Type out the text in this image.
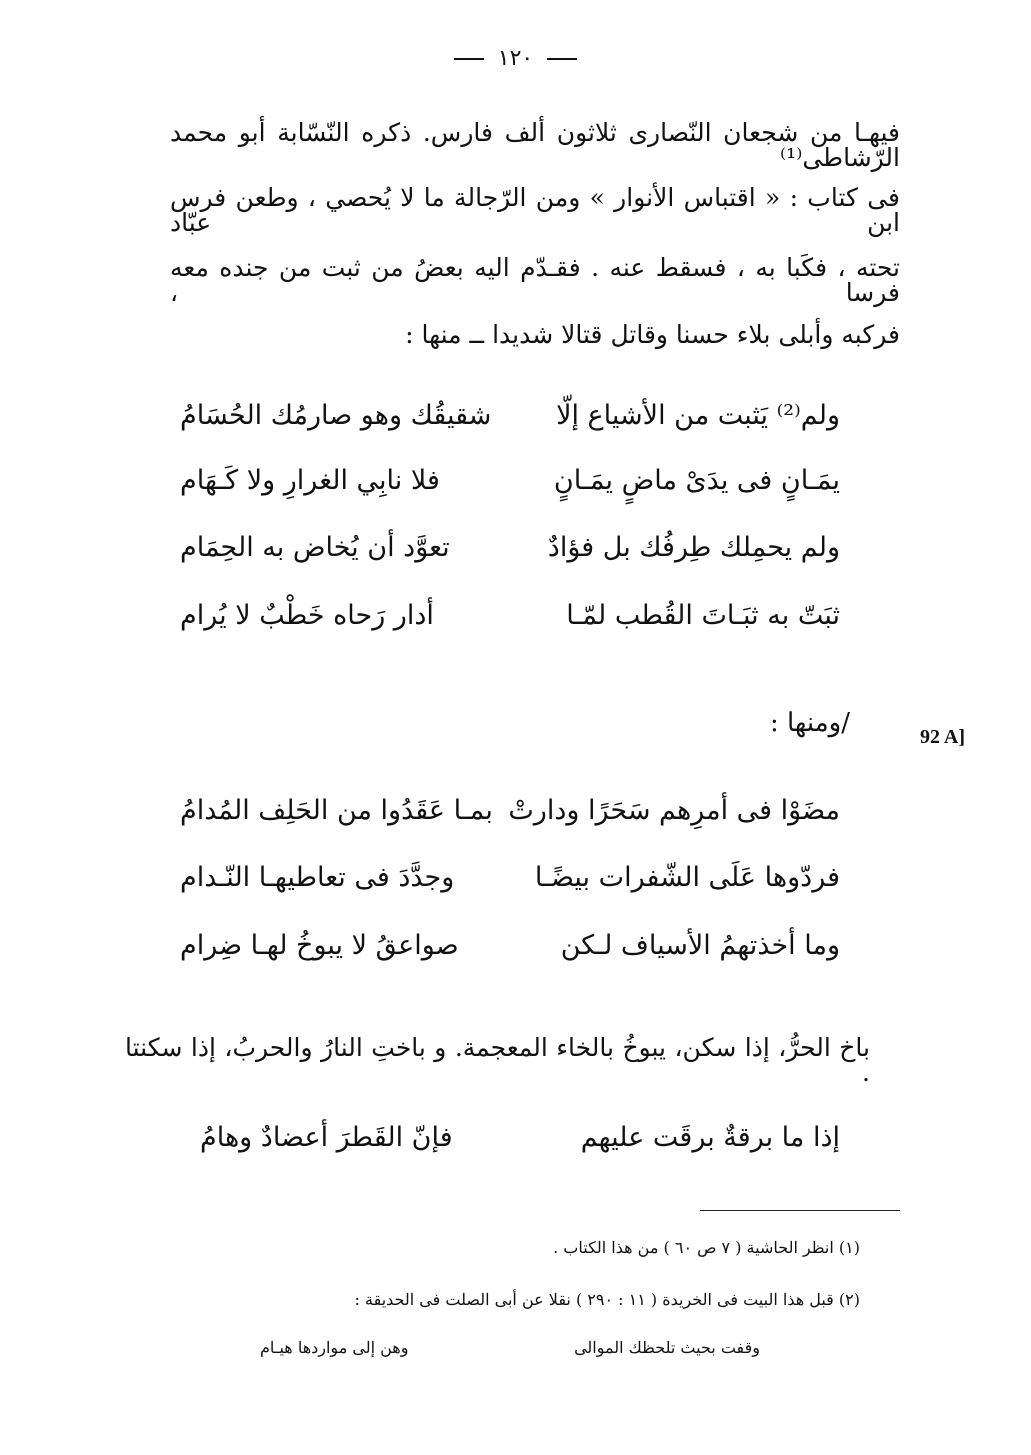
١٢٠
فيهـا من شجعان النّصارى ثلاثون ألف فارس. ذكره النّسّابة أبو محمد الرّشاطى⁽¹⁾
فى كتاب : « اقتباس الأنوار » ومن الرّجالة ما لا يُحصي ، وطعن فرس ابن عبّاد
تحته ، فكَبا به ، فسقط عنه . فقـدّم اليه بعضُ من ثبت من جنده معه فرسا ،
فركبه وأبلى بلاء حسنا وقاتل قتالا شديدا ــ منها :
ولم⁽²⁾ يَثبت من الأشياع إلّا
شقيقُك وهو صارمُك الحُسَامُ
يمَـانٍ فى يدَىْ ماضٍ يمَـانٍ
فلا نابِي الغرارِ ولا كَـهَام
ولم يحمِلك طِرفُك بل فؤادٌ
تعوَّد أن يُخاض به الحِمَام
ثبَتّ به ثبَـاتَ القُطب لمّـا
أدار رَحاه خَطْبٌ لا يُرام
/ومنها :	92 A]
مضَوْا فى أمرِهم سَحَرًا ودارتْ
بمـا عَقَدُوا من الحَلِف المُدامُ
فردّوها عَلَى الشّفرات بيضًـا
وجدَّدَ فى تعاطيهـا النّـدام
وما أخذتهمُ الأسياف لـكن
صواعقُ لا يبوخُ لهـا ضِرام
باخ الحرُّ، إذا سكن، يبوخُ بالخاء المعجمة. و باختِ النارُ والحربُ، إذا سكنتا .
إذا ما برقةٌ برقَت عليهم
فإنّ القَطرَ أعضادٌ وهامُ
(١) انظر الحاشية ( ٧ ص ٦٠ ) من هذا الكتاب .
(٢) قبل هذا البيت فى الخريدة ( ١١ : ٢٩٠ ) نقلا عن أبى الصلت فى الحديقة :
وقفت بحيث تلحظك الموالى
وهن إلى مواردها هيـام
